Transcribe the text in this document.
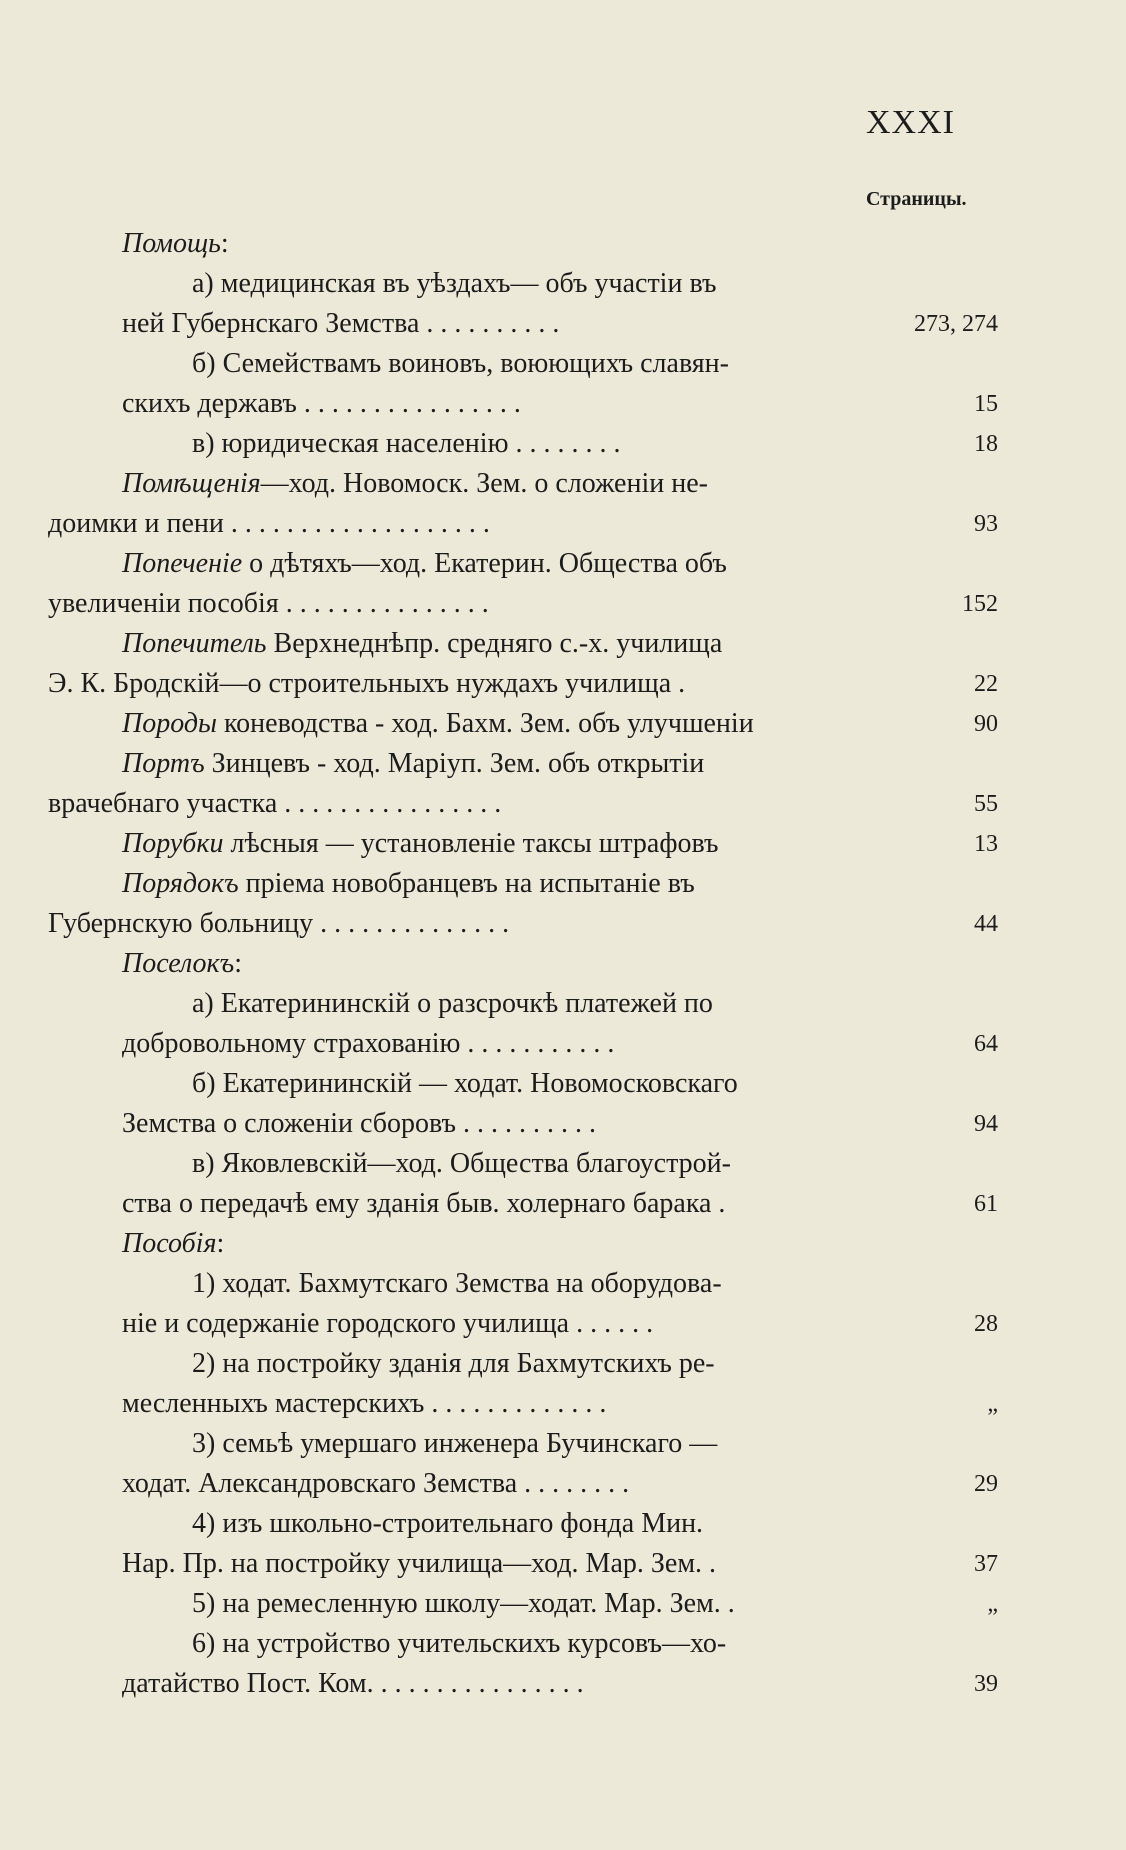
XXXI
Страницы.
Помощь:
а) медицинская въ уѣздахъ— объ участіи въ
ней Губернскаго Земства . . . . . . . . . .	273, 274
б) Семействамъ воиновъ, воюющихъ славян-
скихъ державъ . . . . . . . . . . . . . . . .	15
в) юридическая населенію . . . . . . . .	18
Помѣщенія—ход. Новомоск. Зем. о сложеніи не-
доимки и пени . . . . . . . . . . . . . . . . . . .	93
Попеченіе о дѣтяхъ—ход. Екатерин. Общества объ
увеличеніи пособія . . . . . . . . . . . . . . .	152
Попечитель Верхнеднѣпр. средняго с.-х. училища
Э. К. Бродскій—о строительныхъ нуждахъ училища .	22
Породы коневодства - ход. Бахм. Зем. объ улучшеніи	90
Портъ Зинцевъ - ход. Маріуп. Зем. объ открытіи
врачебнаго участка . . . . . . . . . . . . . . . .	55
Порубки лѣсныя — установленіе таксы штрафовъ	13
Порядокъ пріема новобранцевъ на испытаніе въ
Губернскую больницу . . . . . . . . . . . . . .	44
Поселокъ:
а) Екатерининскій о разсрочкѣ платежей по
добровольному страхованію . . . . . . . . . . .	64
б) Екатерининскій — ходат. Новомосковскаго
Земства о сложеніи сборовъ . . . . . . . . . .	94
в) Яковлевскій—ход. Общества благоустрой-
ства о передачѣ ему зданія быв. холернаго барака .	61
Пособія:
1) ходат. Бахмутскаго Земства на оборудова-
ніе и содержаніе городского училища . . . . . .	28
2) на постройку зданія для Бахмутскихъ ре-
месленныхъ мастерскихъ . . . . . . . . . . . . .	„
3) семьѣ умершаго инженера Бучинскаго —
ходат. Александровскаго Земства . . . . . . . .	29
4) изъ школьно-строительнаго фонда Мин.
Нар. Пр. на постройку училища—ход. Мар. Зем. .	37
5) на ремесленную школу—ходат. Мар. Зем. .	„
6) на устройство учительскихъ курсовъ—хо-
датайство Пост. Ком. . . . . . . . . . . . . . . .	39
